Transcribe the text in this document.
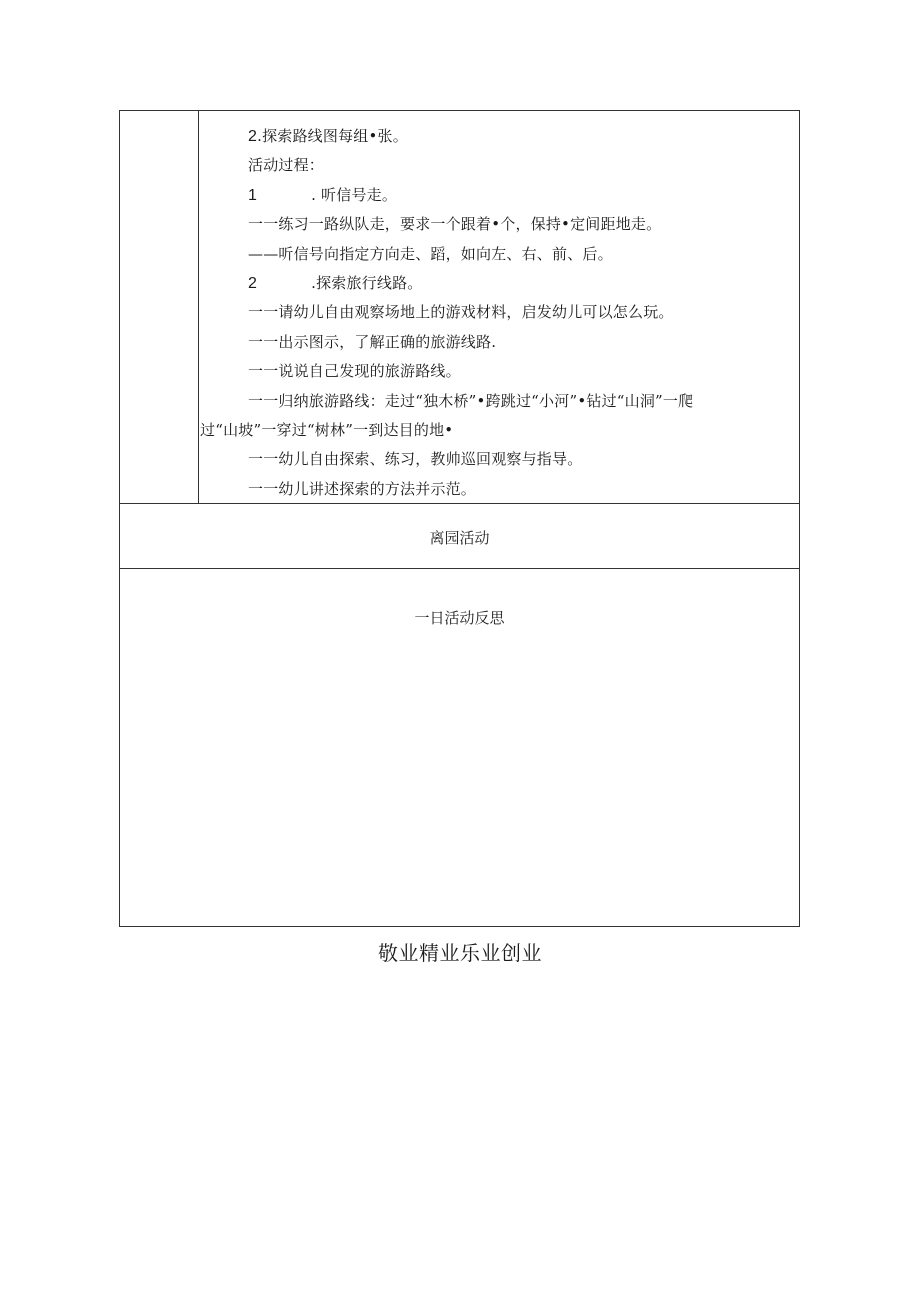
2.探索路线图每组•张。
活动过程：
1	. 听信号走。
一一练习一路纵队走，要求一个跟着•个，保持•定间距地走。
——听信号向指定方向走、蹈，如向左、右、前、后。
2	.探索旅行线路。
一一请幼儿自由观察场地上的游戏材料，启发幼儿可以怎么玩。
一一出示图示，了解正确的旅游线路.
一一说说自己发现的旅游路线。
一一归纳旅游路线：走过“独木桥”•跨跳过“小河”•钻过“山洞”一爬
过“山坡”一穿过“树林”一到达目的地•
一一幼儿自由探索、练习，教帅巡回观察与指导。
一一幼儿讲述探索的方法并示范。
离园活动
一日活动反思
敬业精业乐业创业
